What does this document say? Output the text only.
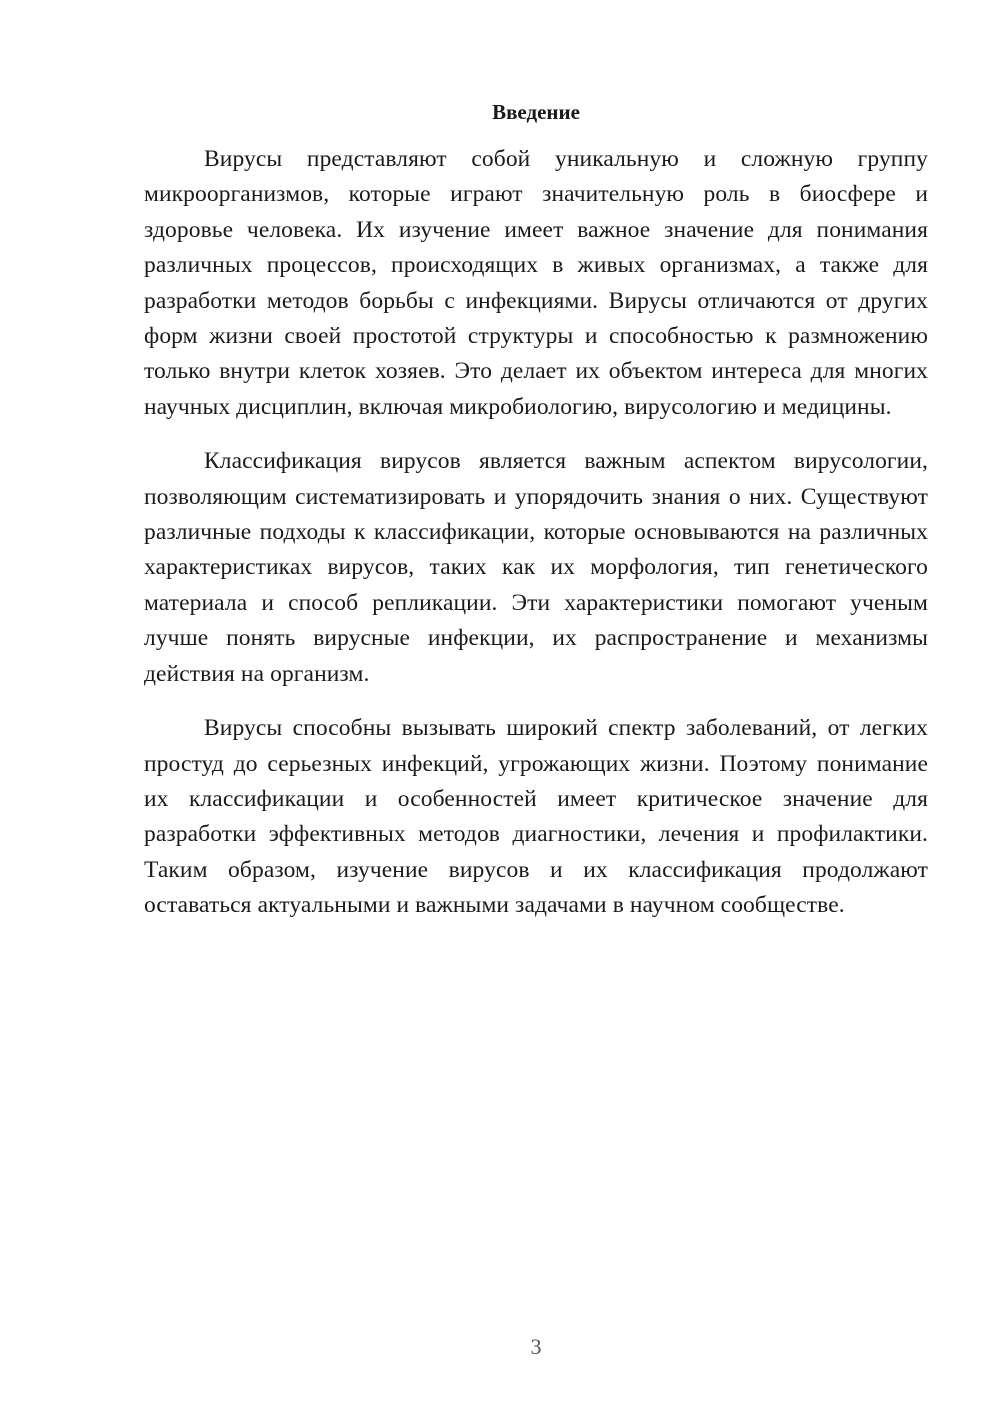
Введение

Вирусы представляют собой уникальную и сложную группу микроорганизмов, которые играют значительную роль в биосфере и здоровье человека. Их изучение имеет важное значение для понимания различных процессов, происходящих в живых организмах, а также для разработки методов борьбы с инфекциями. Вирусы отличаются от других форм жизни своей простотой структуры и способностью к размножению только внутри клеток хозяев. Это делает их объектом интереса для многих научных дисциплин, включая микробиологию, вирусологию и медицины.

Классификация вирусов является важным аспектом вирусологии, позволяющим систематизировать и упорядочить знания о них. Существуют различные подходы к классификации, которые основываются на различных характеристиках вирусов, таких как их морфология, тип генетического материала и способ репликации. Эти характеристики помогают ученым лучше понять вирусные инфекции, их распространение и механизмы действия на организм.

Вирусы способны вызывать широкий спектр заболеваний, от легких простуд до серьезных инфекций, угрожающих жизни. Поэтому понимание их классификации и особенностей имеет критическое значение для разработки эффективных методов диагностики, лечения и профилактики. Таким образом, изучение вирусов и их классификация продолжают оставаться актуальными и важными задачами в научном сообществе.

3
